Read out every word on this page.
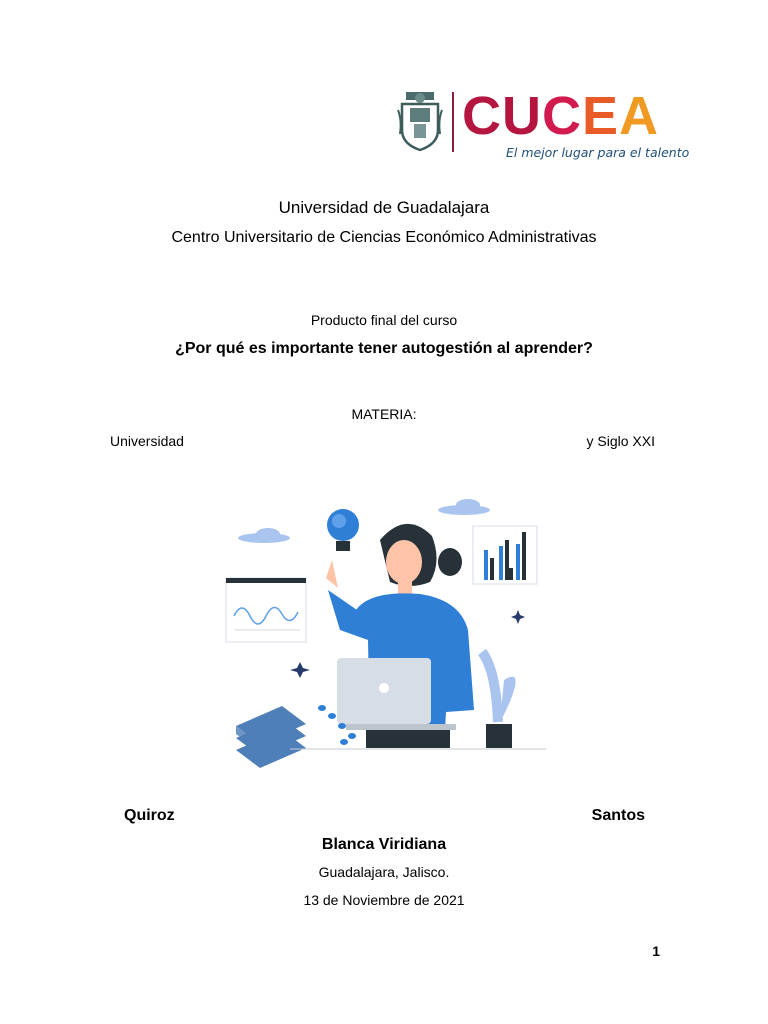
CUCEA
El mejor lugar para el talento
Universidad de Guadalajara
Centro Universitario de Ciencias Económico Administrativas
Producto final del curso
¿Por qué es importante tener autogestión al aprender?
MATERIA:
Universidad	y Siglo XXI
Quiroz	Santos
Blanca Viridiana
Guadalajara, Jalisco.
13 de Noviembre de 2021
1
